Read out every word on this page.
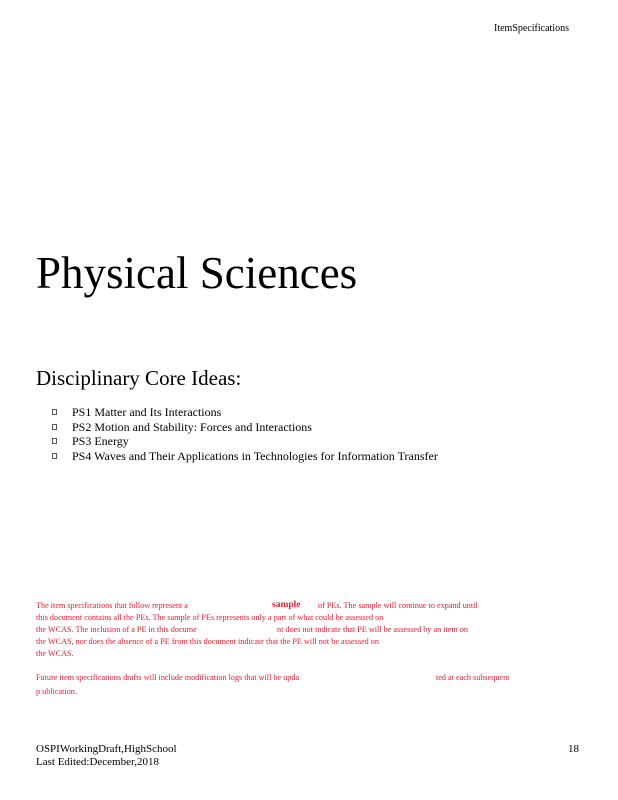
ItemSpecifications
Physical Sciences
Disciplinary Core Ideas:
PS1 Matter and Its Interactions
PS2 Motion and Stability: Forces and Interactions
PS3 Energy
PS4 Waves and Their Applications in Technologies for Information Transfer
The item specifications that follow represent a	sample of PEs. The sample will continue to expand until
this document contains all the PEs. The sample of PEs represents only a part of what could be assessed on
the WCAS. The inclusion of a PE in this docume	nt does not indicate that PE will be assessed by an item on
the WCAS, nor does the absence of a PE from this document indicate that the PE will not be assessed on
the WCAS.
Future item specifications drafts will include modification logs that will be upda	ted at each subsequent
p ublication.
OSPIWorkingDraft,HighSchool
Last Edited:December,2018
18
